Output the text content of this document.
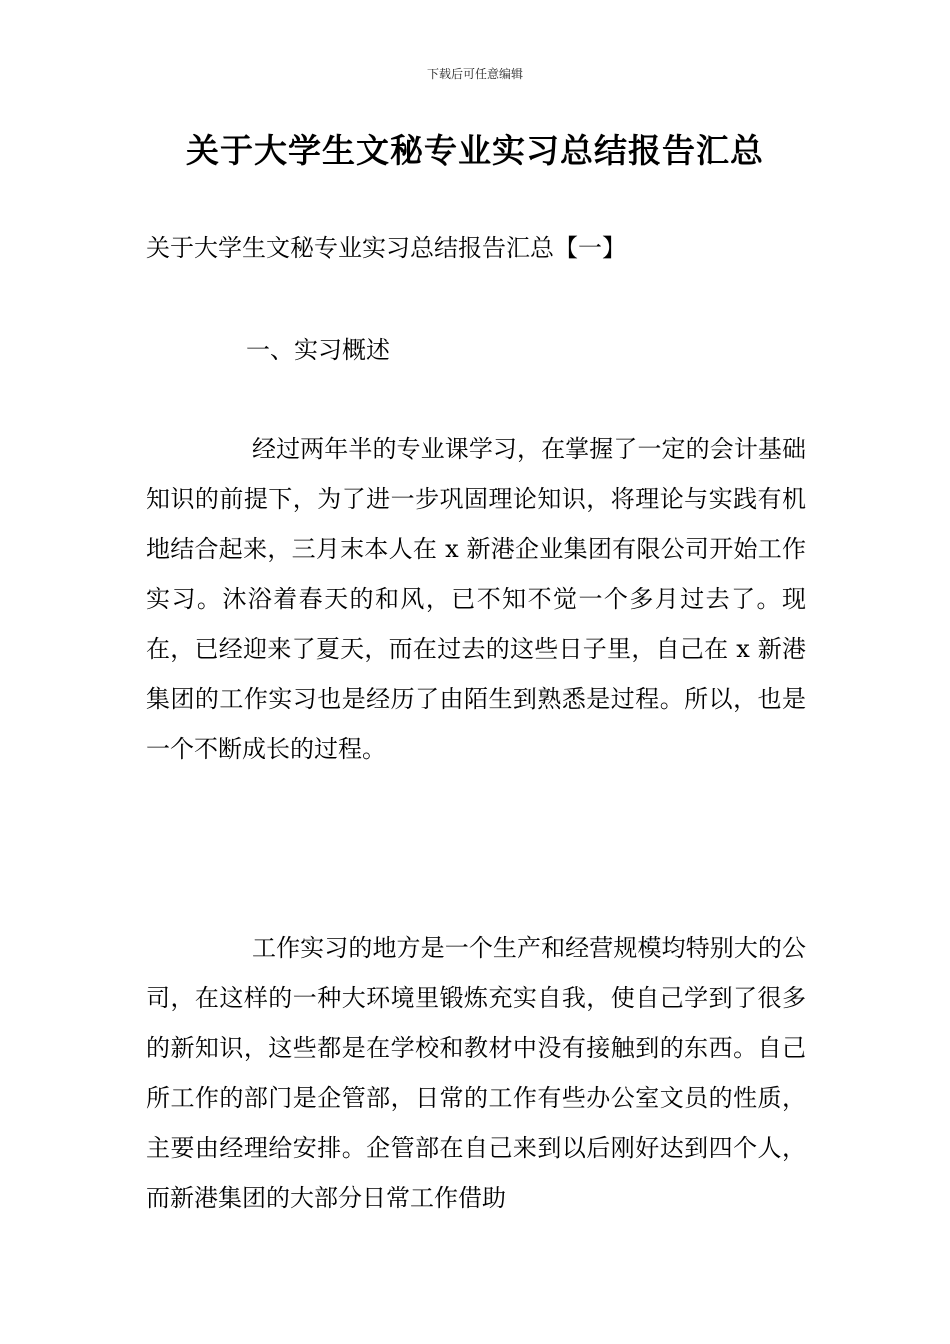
下载后可任意编辑
关于大学生文秘专业实习总结报告汇总
关于大学生文秘专业实习总结报告汇总【一】
一、实习概述
经过两年半的专业课学习，在掌握了一定的会计基础知识的前提下，为了进一步巩固理论知识，将理论与实践有机地结合起来，三月末本人在 x 新港企业集团有限公司开始工作实习。沐浴着春天的和风，已不知不觉一个多月过去了。现在，已经迎来了夏天，而在过去的这些日子里，自己在 x 新港集团的工作实习也是经历了由陌生到熟悉是过程。所以，也是一个不断成长的过程。
工作实习的地方是一个生产和经营规模均特别大的公司，在这样的一种大环境里锻炼充实自我，使自己学到了很多的新知识，这些都是在学校和教材中没有接触到的东西。自己所工作的部门是企管部，日常的工作有些办公室文员的性质，主要由经理给安排。企管部在自己来到以后刚好达到四个人，而新港集团的大部分日常工作借助
